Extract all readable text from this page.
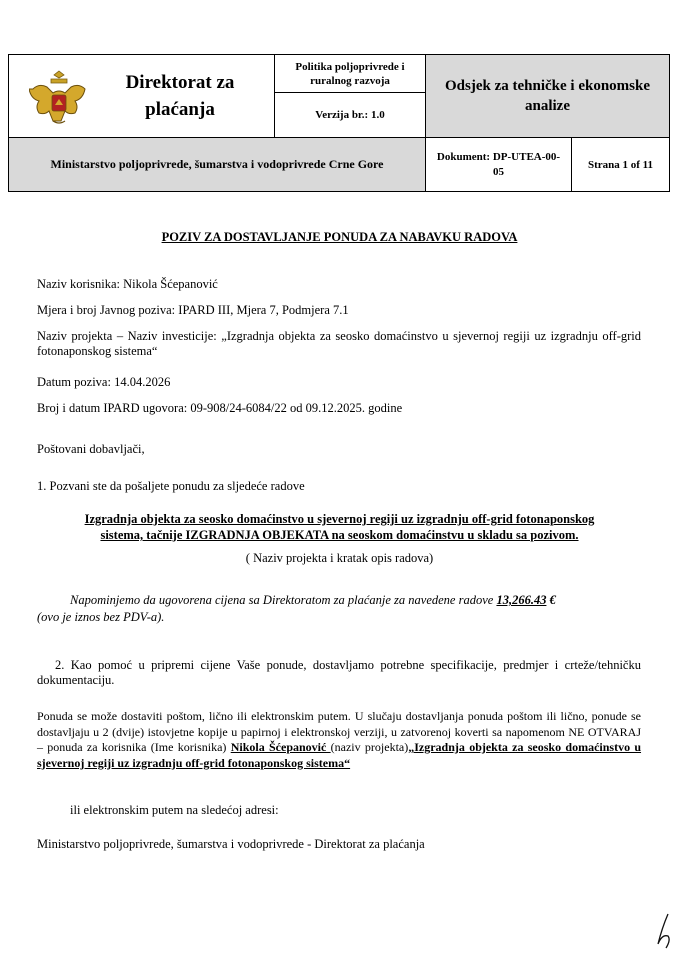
Direktorat za plaćanja
Politika poljoprivrede i ruralnog razvoja
Verzija br.: 1.0
Odsjek za tehničke i ekonomske analize
Ministarstvo poljoprivrede, šumarstva i vodoprivrede Crne Gore
Dokument: DP-UTEA-00-05
Strana 1 of 11
POZIV ZA DOSTAVLJANJE PONUDA ZA NABAVKU RADOVA
Naziv korisnika: Nikola Šćepanović
Mjera i broj Javnog poziva: IPARD III, Mjera 7, Podmjera 7.1
Naziv projekta – Naziv investicije: „Izgradnja objekta za seosko domaćinstvo u sjevernoj regiji uz izgradnju off-grid fotonaponskog sistema“
Datum poziva: 14.04.2026
Broj i datum IPARD ugovora: 09-908/24-6084/22 od 09.12.2025. godine
Poštovani dobavljači,
1. Pozvani ste da pošaljete ponudu za sljedeće radove
Izgradnja objekta za seosko domaćinstvo u sjevernoj regiji uz izgradnju off-grid fotonaponskog
sistema, tačnije IZGRADNJA OBJEKATA na seoskom domaćinstvu u skladu sa pozivom.
( Naziv projekta i kratak opis radova)
Napominjemo da ugovorena cijena sa Direktoratom za plaćanje za navedene radove 13,266.43 €
(ovo je iznos bez PDV-a).
2. Kao pomoć u pripremi cijene Vaše ponude, dostavljamo potrebne specifikacije, predmjer i crteže/tehničku dokumentaciju.
Ponuda se može dostaviti poštom, lično ili elektronskim putem. U slučaju dostavljanja ponuda poštom ili lično, ponude se dostavljaju u 2 (dvije) istovjetne kopije u papirnoj i elektronskoj verziji, u zatvorenoj koverti sa napomenom NE OTVARAJ – ponuda za korisnika (Ime korisnika) Nikola Šćepanović (naziv projekta)„Izgradnja objekta za seosko domaćinstvo u sjevernoj regiji uz izgradnju off-grid fotonaponskog sistema“
ili elektronskim putem na sledećoj adresi:
Ministarstvo poljoprivrede, šumarstva i vodoprivrede - Direktorat za plaćanja
